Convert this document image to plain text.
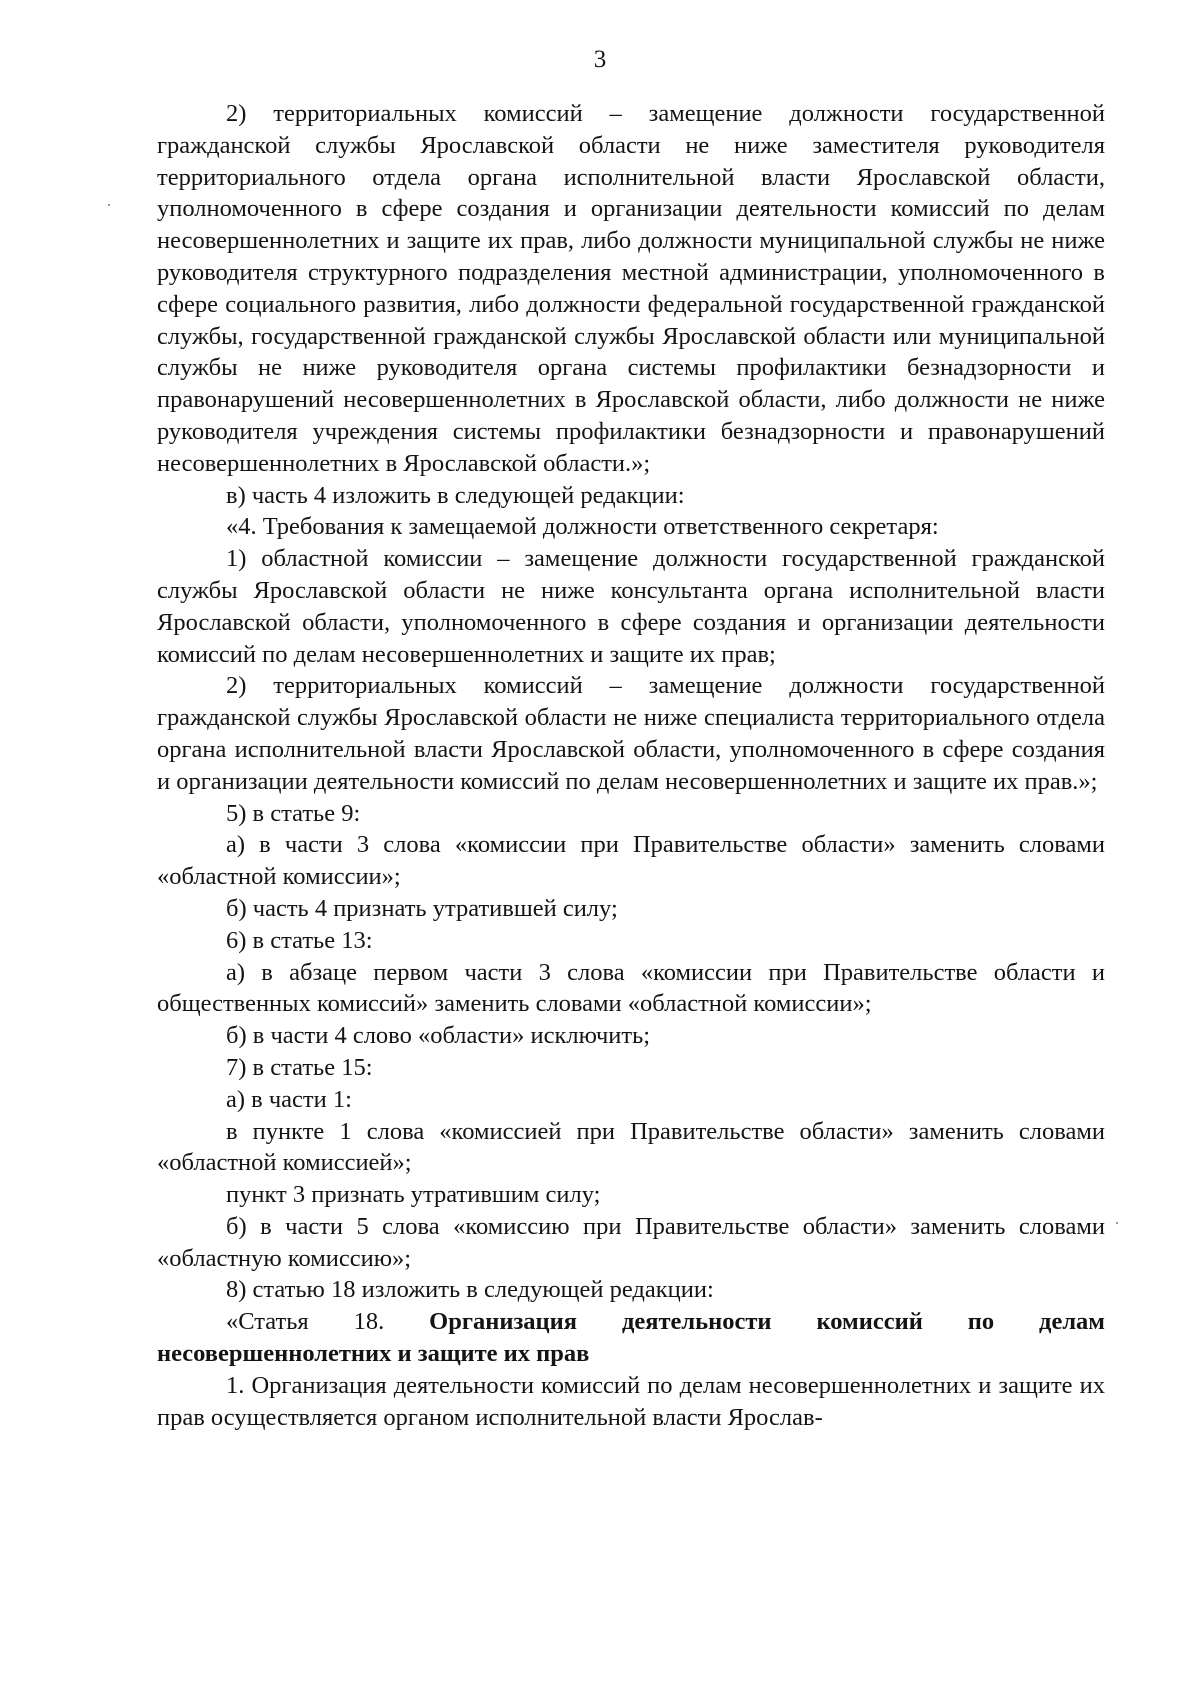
3

2) территориальных комиссий – замещение должности государственной гражданской службы Ярославской области не ниже заместителя руководителя территориального отдела органа исполнительной власти Ярославской области, уполномоченного в сфере создания и организации деятельности комиссий по делам несовершеннолетних и защите их прав, либо должности муниципальной службы не ниже руководителя структурного подразделения местной администрации, уполномоченного в сфере социального развития, либо должности федеральной государственной гражданской службы, государственной гражданской службы Ярославской области или муниципальной службы не ниже руководителя органа системы профилактики безнадзорности и правонарушений несовершеннолетних в Ярославской области, либо должности не ниже руководителя учреждения системы профилактики безнадзорности и правонарушений несовершеннолетних в Ярославской области.»;

в) часть 4 изложить в следующей редакции:

«4. Требования к замещаемой должности ответственного секретаря:

1) областной комиссии – замещение должности государственной гражданской службы Ярославской области не ниже консультанта органа исполнительной власти Ярославской области, уполномоченного в сфере создания и организации деятельности комиссий по делам несовершеннолетних и защите их прав;

2) территориальных комиссий – замещение должности государственной гражданской службы Ярославской области не ниже специалиста территориального отдела органа исполнительной власти Ярославской области, уполномоченного в сфере создания и организации деятельности комиссий по делам несовершеннолетних и защите их прав.»;

5) в статье 9:

а) в части 3 слова «комиссии при Правительстве области» заменить словами «областной комиссии»;

б) часть 4 признать утратившей силу;

6) в статье 13:

а) в абзаце первом части 3 слова «комиссии при Правительстве области и общественных комиссий» заменить словами «областной комиссии»;

б) в части 4 слово «области» исключить;

7) в статье 15:

а) в части 1:

в пункте 1 слова «комиссией при Правительстве области» заменить словами «областной комиссией»;

пункт 3 признать утратившим силу;

б) в части 5 слова «комиссию при Правительстве области» заменить словами «областную комиссию»;

8) статью 18 изложить в следующей редакции:

«Статья 18. Организация деятельности комиссий по делам

несовершеннолетних и защите их прав

1. Организация деятельности комиссий по делам несовершеннолетних и защите их прав осуществляется органом исполнительной власти Ярослав-
